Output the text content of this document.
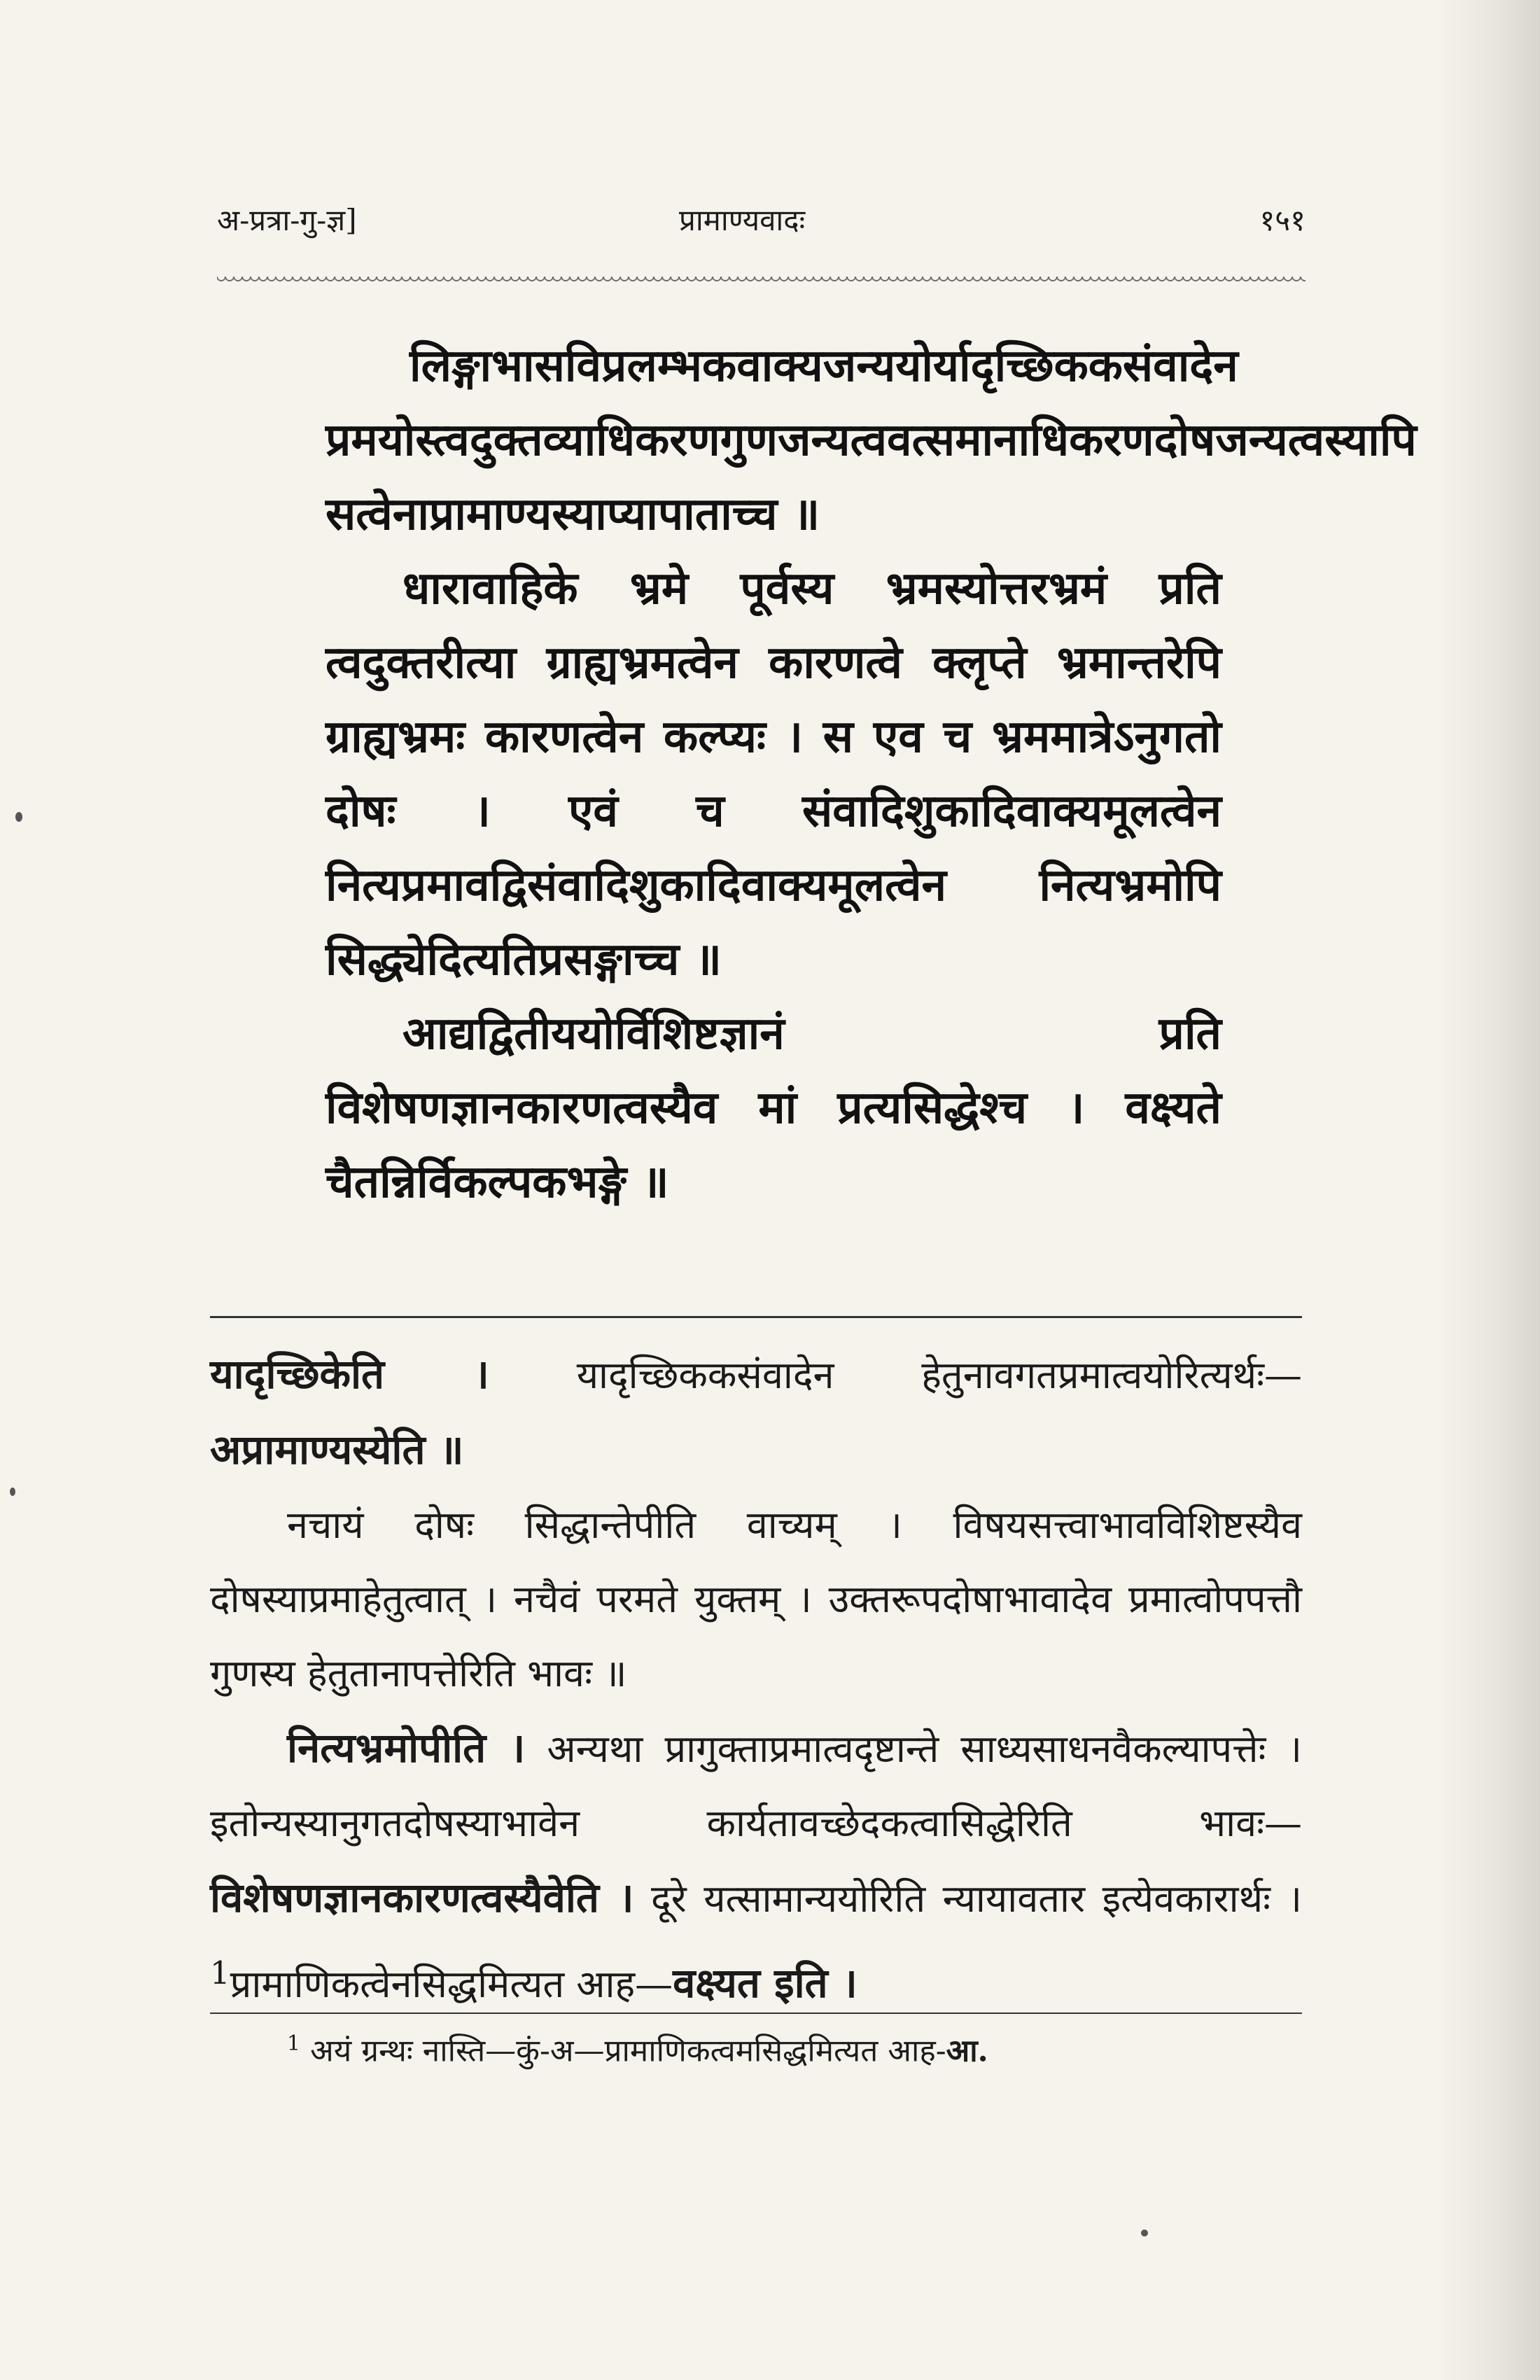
अ-प्रत्रा-गु-ज्ञ]	प्रामाण्यवादः	१५१

लिङ्गाभासविप्रलम्भकवाक्यजन्ययोर्यादृच्छिककसंवादेन प्रमयोस्त्वदुक्तव्याधिकरणगुणजन्यत्ववत्समानाधिकरणदोषजन्यत्वस्यापि सत्वेनाप्रामाण्यस्याप्यापाताच्च ॥

धारावाहिके भ्रमे पूर्वस्य भ्रमस्योत्तरभ्रमं प्रति त्वदुक्तरीत्या ग्राह्यभ्रमत्वेन कारणत्वे क्लृप्ते भ्रमान्तरेपि ग्राह्यभ्रमः कारणत्वेन कल्प्यः । स एव च भ्रममात्रेऽनुगतो दोषः । एवं च संवादिशुकादिवाक्यमूलत्वेन नित्यप्रमावद्विसंवादिशुकादिवाक्यमूलत्वेन नित्यभ्रमोपि सिद्ध्येदित्यतिप्रसङ्गाच्च ॥

आद्यद्वितीययोर्विशिष्टज्ञानं प्रति विशेषणज्ञानकारणत्वस्यैव मां प्रत्यसिद्धेश्च । वक्ष्यते चैतन्निर्विकल्पकभङ्गे ॥

यादृच्छिकेति । यादृच्छिककसंवादेन हेतुनावगतप्रमात्वयोरित्यर्थः— अप्रामाण्यस्येति ॥

नचायं दोषः सिद्धान्तेपीति वाच्यम् । विषयसत्त्वाभावविशिष्टस्यैव दोषस्याप्रमाहेतुत्वात् । नचैवं परमते युक्तम् । उक्तरूपदोषाभावादेव प्रमात्वोपपत्तौ गुणस्य हेतुतानापत्तेरिति भावः ॥

नित्यभ्रमोपीति । अन्यथा प्रागुक्ताप्रमात्वदृष्टान्ते साध्यसाधनवैकल्यापत्तेः । इतोन्यस्यानुगतदोषस्याभावेन कार्यतावच्छेदकत्वासिद्धेरिति भावः—विशेषणज्ञानकारणत्वस्यैवेति । दूरे यत्सामान्ययोरिति न्यायावतार इत्येवकारार्थः । $^1$प्रामाणिकत्वेनसिद्धमित्यत आह—वक्ष्यत इति ।

$^1$ अयं ग्रन्थः नास्ति—कुं-अ—प्रामाणिकत्वमसिद्धमित्यत आह-आ.
